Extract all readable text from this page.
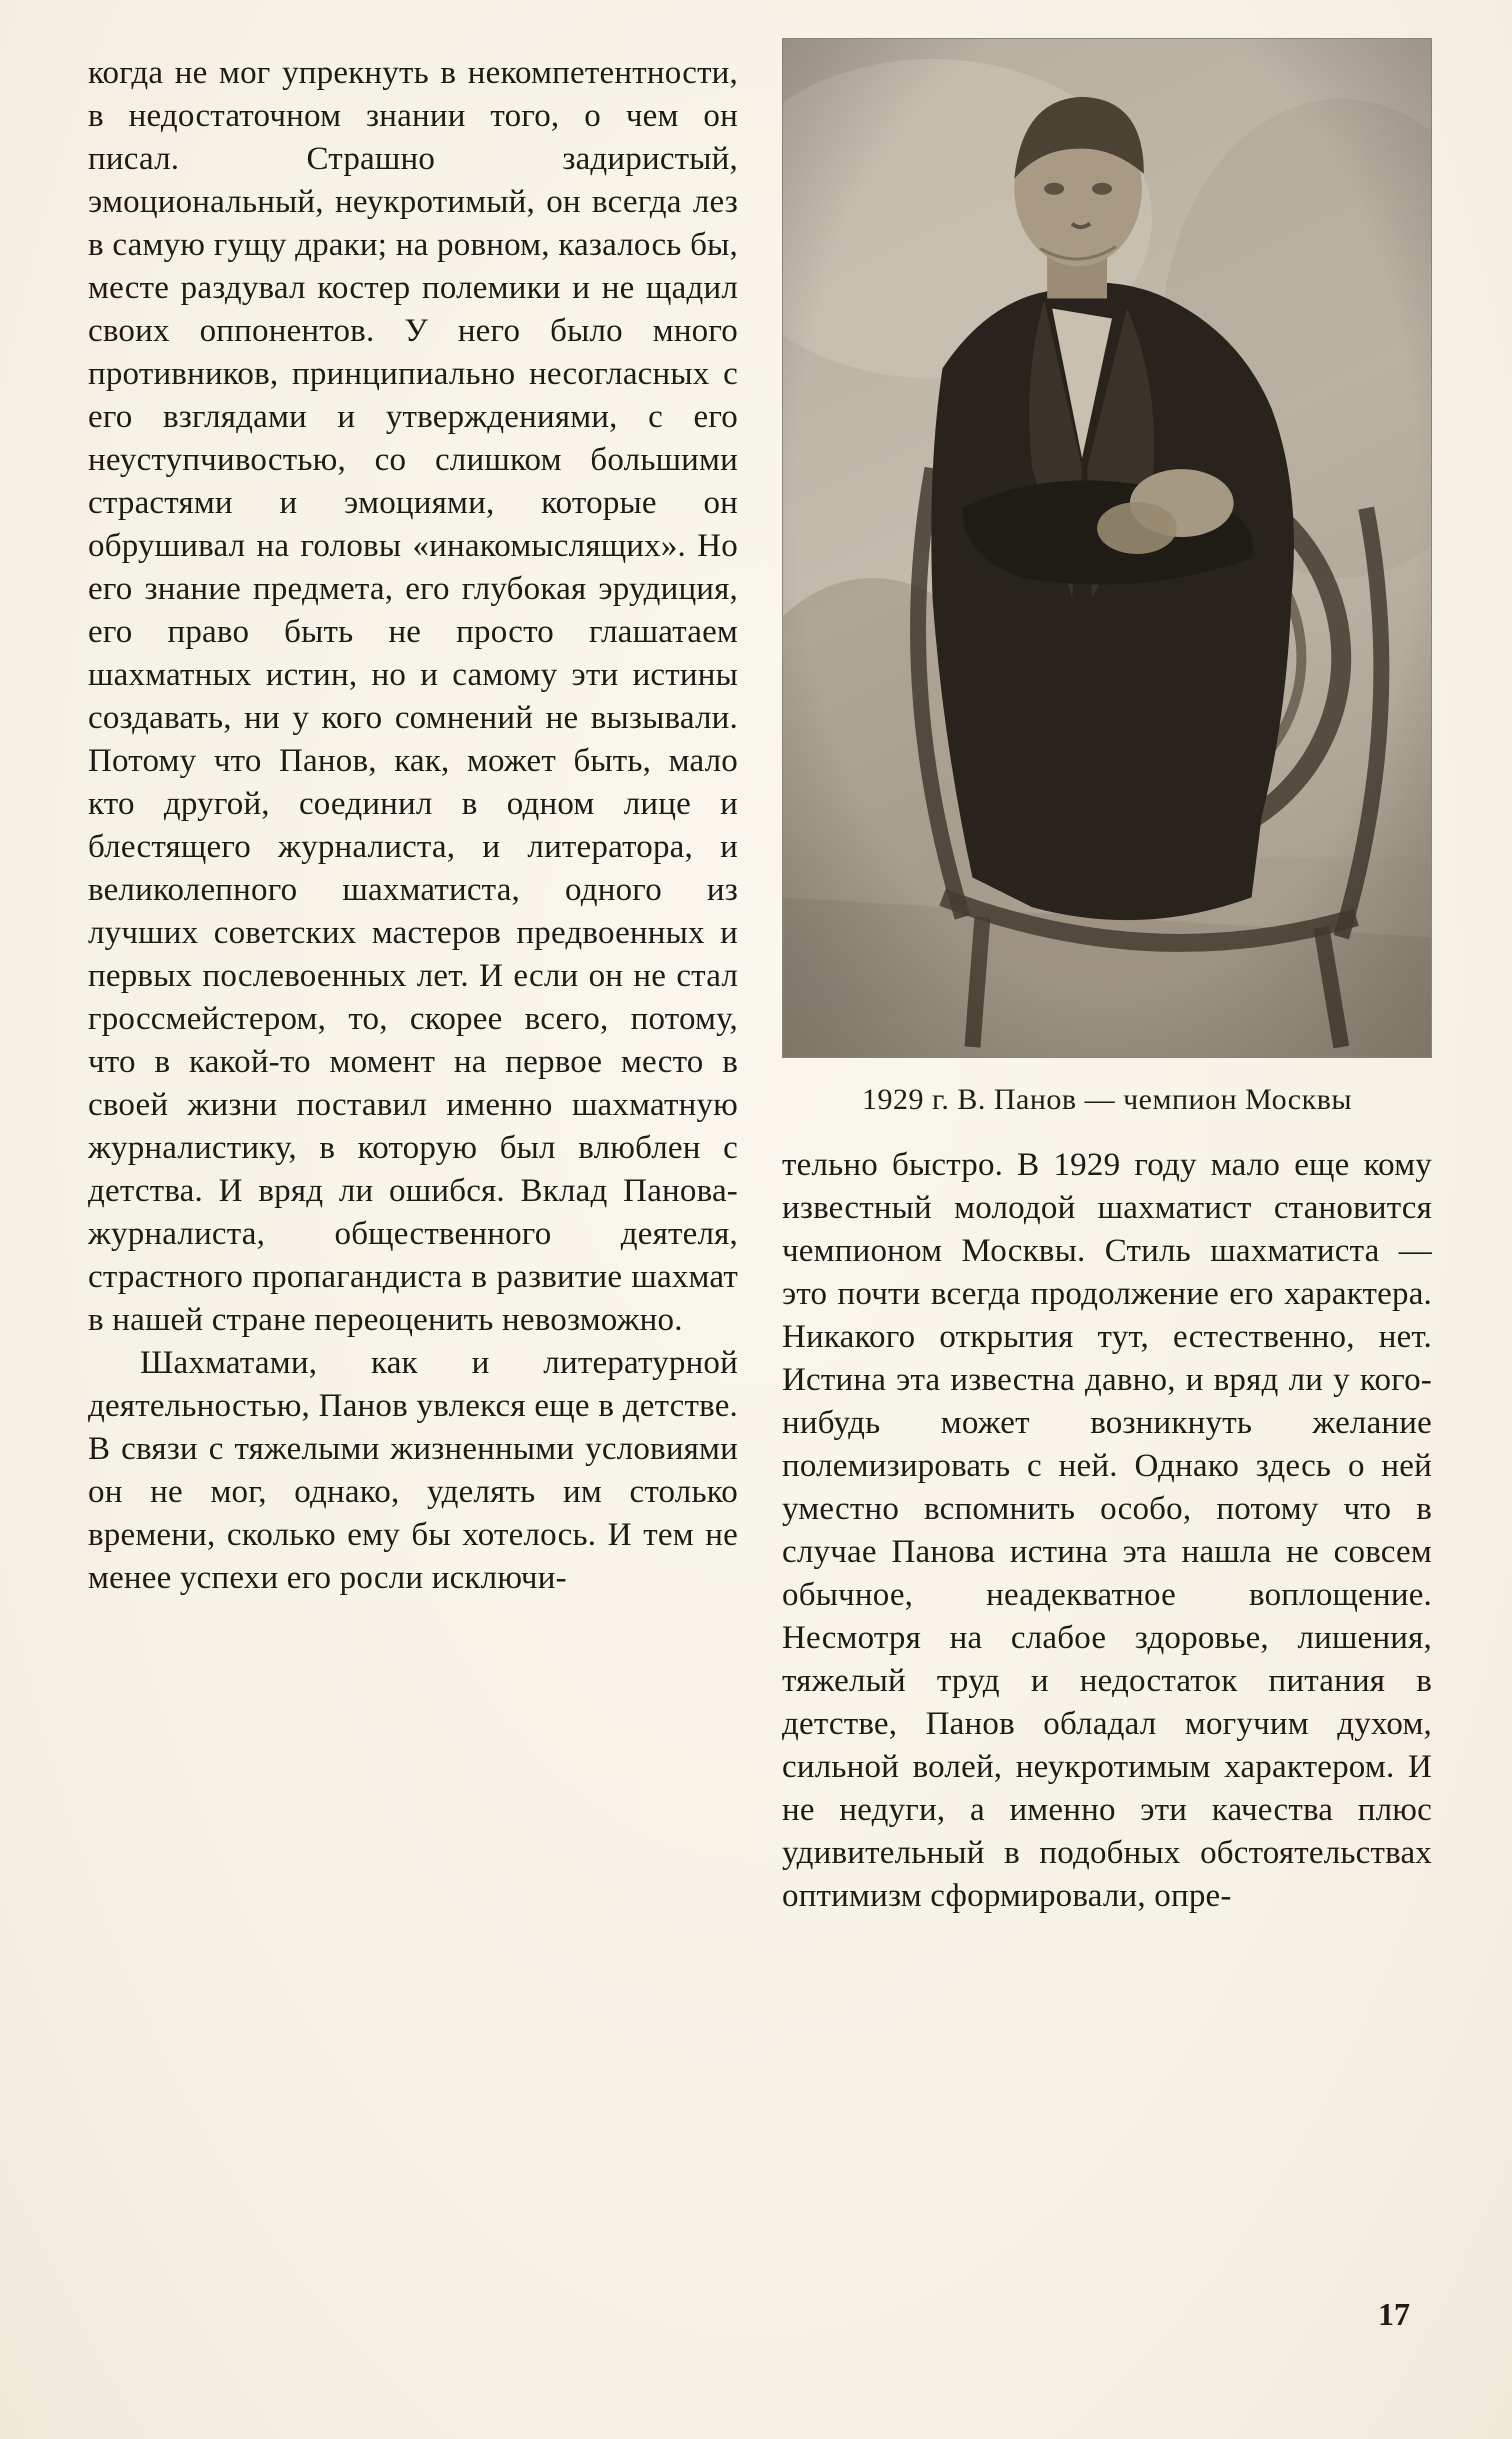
когда не мог упрекнуть в некомпетентности, в недостаточном знании того, о чем он писал. Страшно задиристый, эмоциональный, неукротимый, он всегда лез в самую гущу драки; на ровном, казалось бы, месте раздувал костер полемики и не щадил своих оппонентов. У него было много противников, принципиально несогласных с его взглядами и утверждениями, с его неуступчивостью, со слишком большими страстями и эмоциями, которые он обрушивал на головы «инакомыслящих». Но его знание предмета, его глубокая эрудиция, его право быть не просто глашатаем шахматных истин, но и самому эти истины создавать, ни у кого сомнений не вызывали. Потому что Панов, как, может быть, мало кто другой, соединил в одном лице и блестящего журналиста, и литератора, и великолепного шахматиста, одного из лучших советских мастеров предвоенных и первых послевоенных лет. И если он не стал гроссмейстером, то, скорее всего, потому, что в какой-то момент на первое место в своей жизни поставил именно шахматную журналистику, в которую был влюблен с детства. И вряд ли ошибся. Вклад Панова-журналиста, общественного деятеля, страстного пропагандиста в развитие шахмат в нашей стране переоценить невозможно.

Шахматами, как и литературной деятельностью, Панов увлекся еще в детстве. В связи с тяжелыми жизненными условиями он не мог, однако, уделять им столько времени, сколько ему бы хотелось. И тем не менее успехи его росли исключи-

1929 г. В. Панов — чемпион Москвы

тельно быстро. В 1929 году мало еще кому известный молодой шахматист становится чемпионом Москвы. Стиль шахматиста — это почти всегда продолжение его характера. Никакого открытия тут, естественно, нет. Истина эта известна давно, и вряд ли у кого-нибудь может возникнуть желание полемизировать с ней. Однако здесь о ней уместно вспомнить особо, потому что в случае Панова истина эта нашла не совсем обычное, неадекватное воплощение. Несмотря на слабое здоровье, лишения, тяжелый труд и недостаток питания в детстве, Панов обладал могучим духом, сильной волей, неукротимым характером. И не недуги, а именно эти качества плюс удивительный в подобных обстоятельствах оптимизм сформировали, опре-

17
